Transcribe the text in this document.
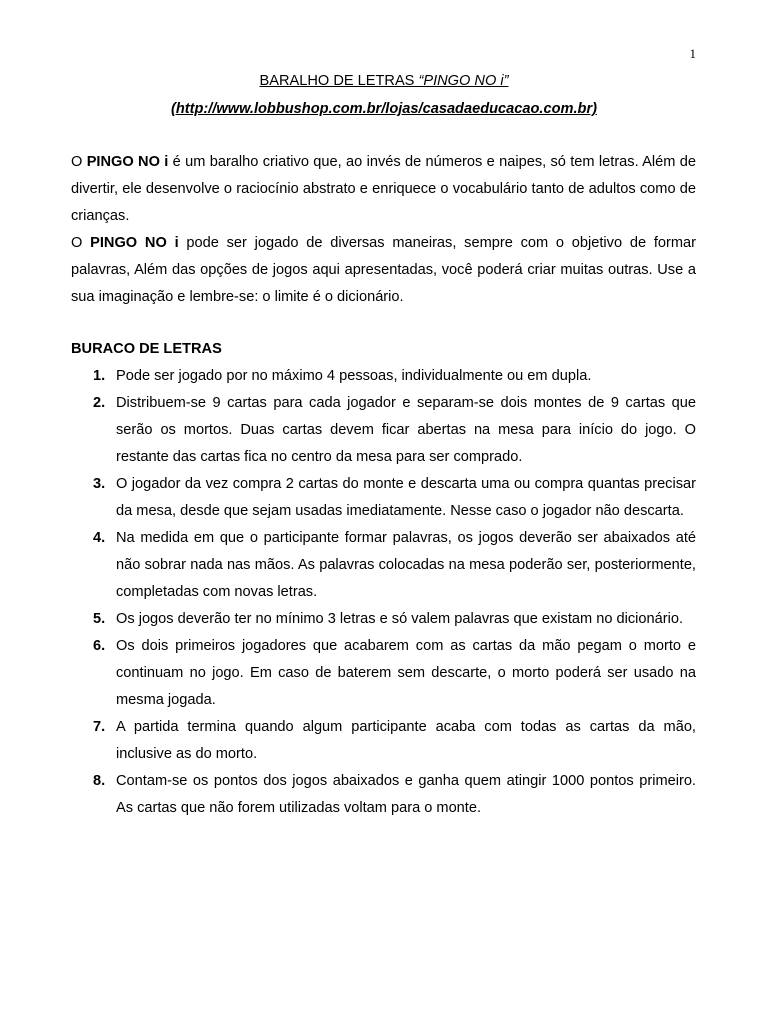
1
BARALHO DE LETRAS “PINGO NO i”
(http://www.lobbushop.com.br/lojas/casadaeducacao.com.br)

O PINGO NO i é um baralho criativo que, ao invés de números e naipes, só tem letras. Além de divertir, ele desenvolve o raciocínio abstrato e enriquece o vocabulário tanto de adultos como de crianças.

O PINGO NO i pode ser jogado de diversas maneiras, sempre com o objetivo de formar palavras, Além das opções de jogos aqui apresentadas, você poderá criar muitas outras. Use a sua imaginação e lembre-se: o limite é o dicionário.

BURACO DE LETRAS
1. Pode ser jogado por no máximo 4 pessoas, individualmente ou em dupla.
2. Distribuem-se 9 cartas para cada jogador e separam-se dois montes de 9 cartas que serão os mortos. Duas cartas devem ficar abertas na mesa para início do jogo. O restante das cartas fica no centro da mesa para ser comprado.
3. O jogador da vez compra 2 cartas do monte e descarta uma ou compra quantas precisar da mesa, desde que sejam usadas imediatamente. Nesse caso o jogador não descarta.
4. Na medida em que o participante formar palavras, os jogos deverão ser abaixados até não sobrar nada nas mãos. As palavras colocadas na mesa poderão ser, posteriormente, completadas com novas letras.
5. Os jogos deverão ter no mínimo 3 letras e só valem palavras que existam no dicionário.
6. Os dois primeiros jogadores que acabarem com as cartas da mão pegam o morto e continuam no jogo. Em caso de baterem sem descarte, o morto poderá ser usado na mesma jogada.
7. A partida termina quando algum participante acaba com todas as cartas da mão, inclusive as do morto.
8. Contam-se os pontos dos jogos abaixados e ganha quem atingir 1000 pontos primeiro. As cartas que não forem utilizadas voltam para o monte.
